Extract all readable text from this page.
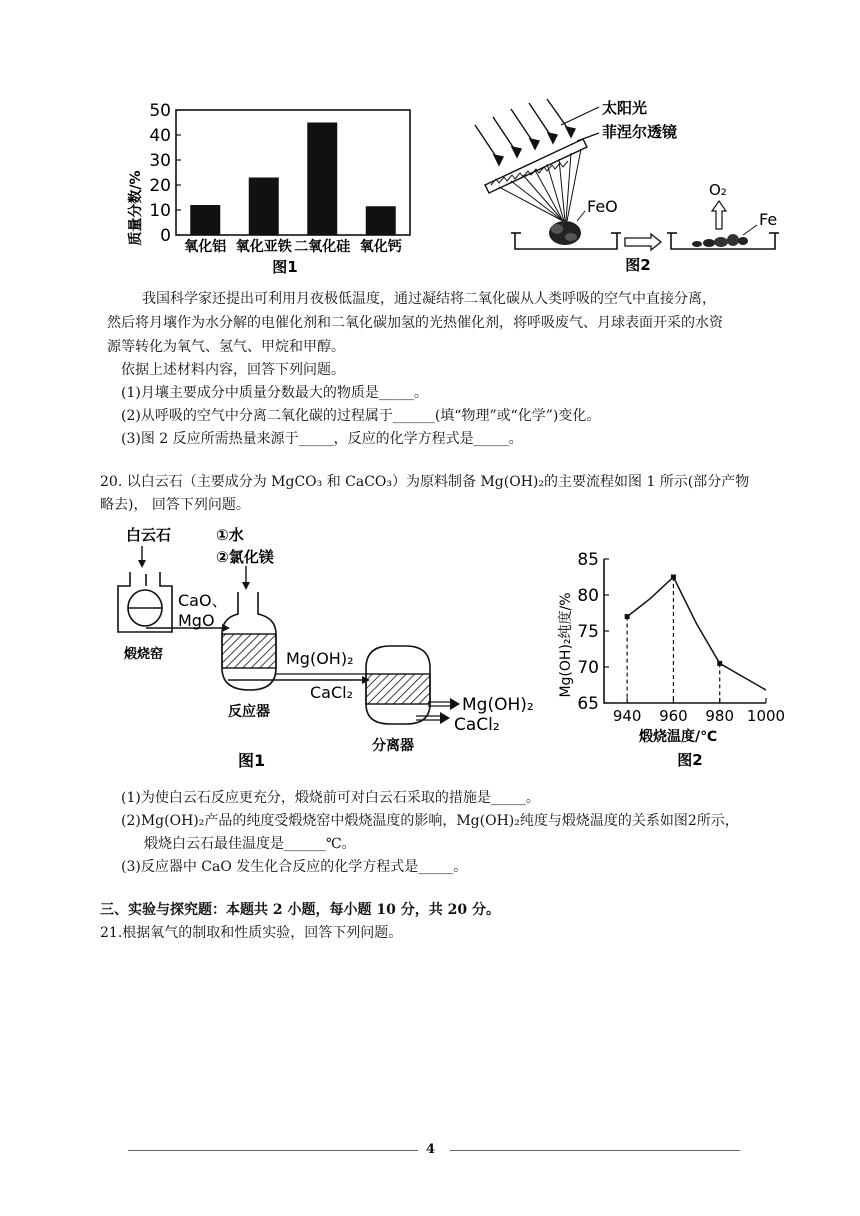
质量分数/% 0
10
20
30
40
50
氧化铝 氧化亚铁 二氧化硅 氧化钙
图1
太阳光
菲涅尔透镜
FeO
O₂
Fe
图2
我国科学家还提出可利用月夜极低温度，通过凝结将二氧化碳从人类呼吸的空气中直接分离，
然后将月壤作为水分解的电催化剂和二氧化碳加氢的光热催化剂，将呼吸废气、月球表面开采的水资
源等转化为氧气、氢气、甲烷和甲醇。
依据上述材料内容，回答下列问题。
(1)月壤主要成分中质量分数最大的物质是_____。
(2)从呼吸的空气中分离二氧化碳的过程属于______(填“物理”或“化学”)变化。
(3)图 2 反应所需热量来源于_____，反应的化学方程式是_____。
20. 以白云石（主要成分为 MgCO₃ 和 CaCO₃）为原料制备 Mg(OH)₂的主要流程如图 1 所示(部分产物
略去)， 回答下列问题。
白云石
煅烧窑
CaO、
MgO
①水
②氯化镁
反应器
Mg(OH)₂
CaCl₂
分离器
Mg(OH)₂
CaCl₂
图1
Mg(OH)₂纯度/%
65
70
75
80
85
940 960 980 1000
煅烧温度/℃
图2
(1)为使白云石反应更充分，煅烧前可对白云石采取的措施是_____。
(2)Mg(OH)₂产品的纯度受煅烧窑中煅烧温度的影响，Mg(OH)₂纯度与煅烧温度的关系如图2所示，
煅烧白云石最佳温度是______℃。
(3)反应器中 CaO 发生化合反应的化学方程式是_____。
三、实验与探究题：本题共 2 小题，每小题 10 分，共 20 分。
21.根据氧气的制取和性质实验，回答下列问题。
4
